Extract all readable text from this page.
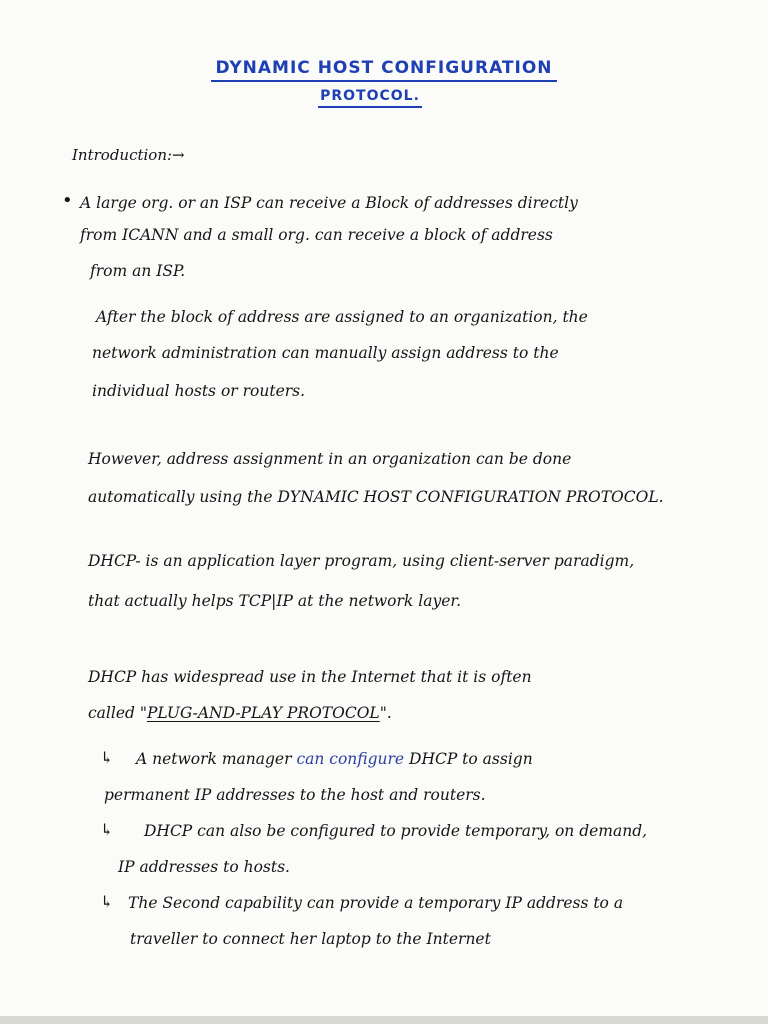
DYNAMIC HOST CONFIGURATION
PROTOCOL.
Introduction:→
• A large org. or an ISP can receive a Block of addresses directly
from ICANN and a small org. can receive a block of address
from an ISP.
After the block of address are assigned to an organization, the
network administration can manually assign address to the
individual hosts or routers.
However, address assignment in an organization can be done
automatically using the DYNAMIC HOST CONFIGURATION PROTOCOL.
DHCP- is an application layer program, using client-server paradigm,
that actually helps TCP|IP at the network layer.
DHCP has widespread use in the Internet that it is often
called "PLUG-AND-PLAY PROTOCOL".
↳ A network manager can configure DHCP to assign
permanent IP addresses to the host and routers.
↳ DHCP can also be configured to provide temporary, on demand,
IP addresses to hosts.
↳ The Second capability can provide a temporary IP address to a
traveller to connect her laptop to the Internet
